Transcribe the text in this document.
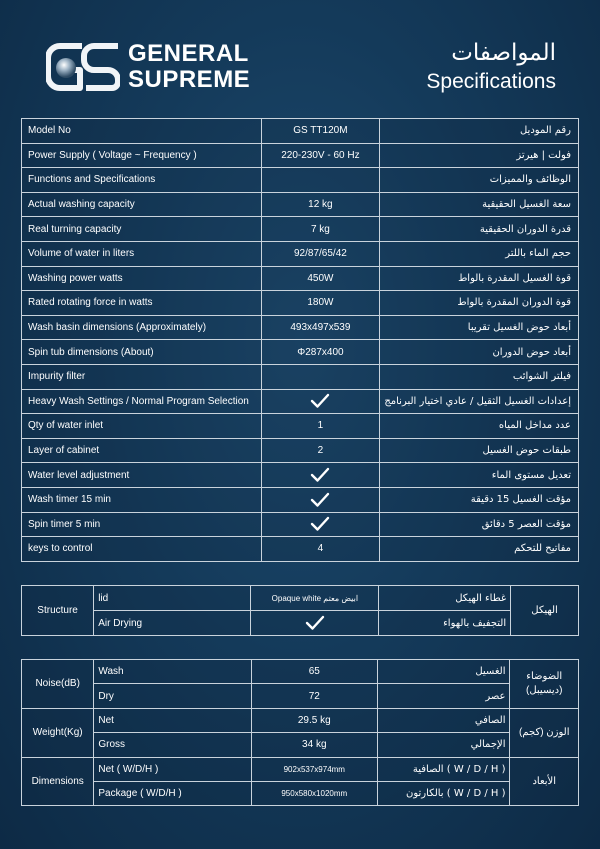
GENERAL
SUPREME
المواصفات
Specifications
Model No	GS TT120M	رقم الموديل
Power Supply ( Voltage ~ Frequency )	220-230V - 60 Hz	فولت | هيرتز
Functions and Specifications		الوظائف والمميزات
Actual washing capacity	12 kg	سعة الغسيل الحقيقية
Real turning capacity	7 kg	قدرة الدوران الحقيقية
Volume of water in liters	92/87/65/42	حجم الماء باللتر
Washing power watts	450W	قوة الغسيل المقدرة بالواط
Rated rotating force in watts	180W	قوة الدوران المقدرة بالواط
Wash basin dimensions (Approximately)	493x497x539	أبعاد حوض الغسيل تقريبا
Spin tub dimensions (About)	Φ287x400	أبعاد حوض الدوران
Impurity filter		فيلتر الشوائب
Heavy Wash Settings / Normal Program Selection		إعدادات الغسيل الثقيل / عادي اختيار البرنامج
Qty of water inlet	1	عدد مداخل المياه
Layer of cabinet	2	طبقات حوض الغسيل
Water level adjustment		تعديل مستوى الماء
Wash timer 15 min		مؤقت الغسيل 15 دقيقة
Spin timer 5 min		مؤقت العصر 5 دقائق
keys to control	4	مفاتيح للتحكم
Structure	lid	Opaque white ابيض معتم	غطاء الهيكل	الهيكل
	Air Drying		التجفيف بالهواء	
Noise(dB)	Wash	65	الغسيل	الضوضاء (ديسيبل)
	Dry	72	عصر	
Weight(Kg)	Net	29.5 kg	الصافي	الوزن (كجم)
	Gross	34 kg	الإجمالي	
Dimensions	Net ( W/D/H )	902x537x974mm	الصافية ( W / D / H )	الأبعاد
	Package ( W/D/H )	950x580x1020mm	بالكارتون ( W / D / H )	
